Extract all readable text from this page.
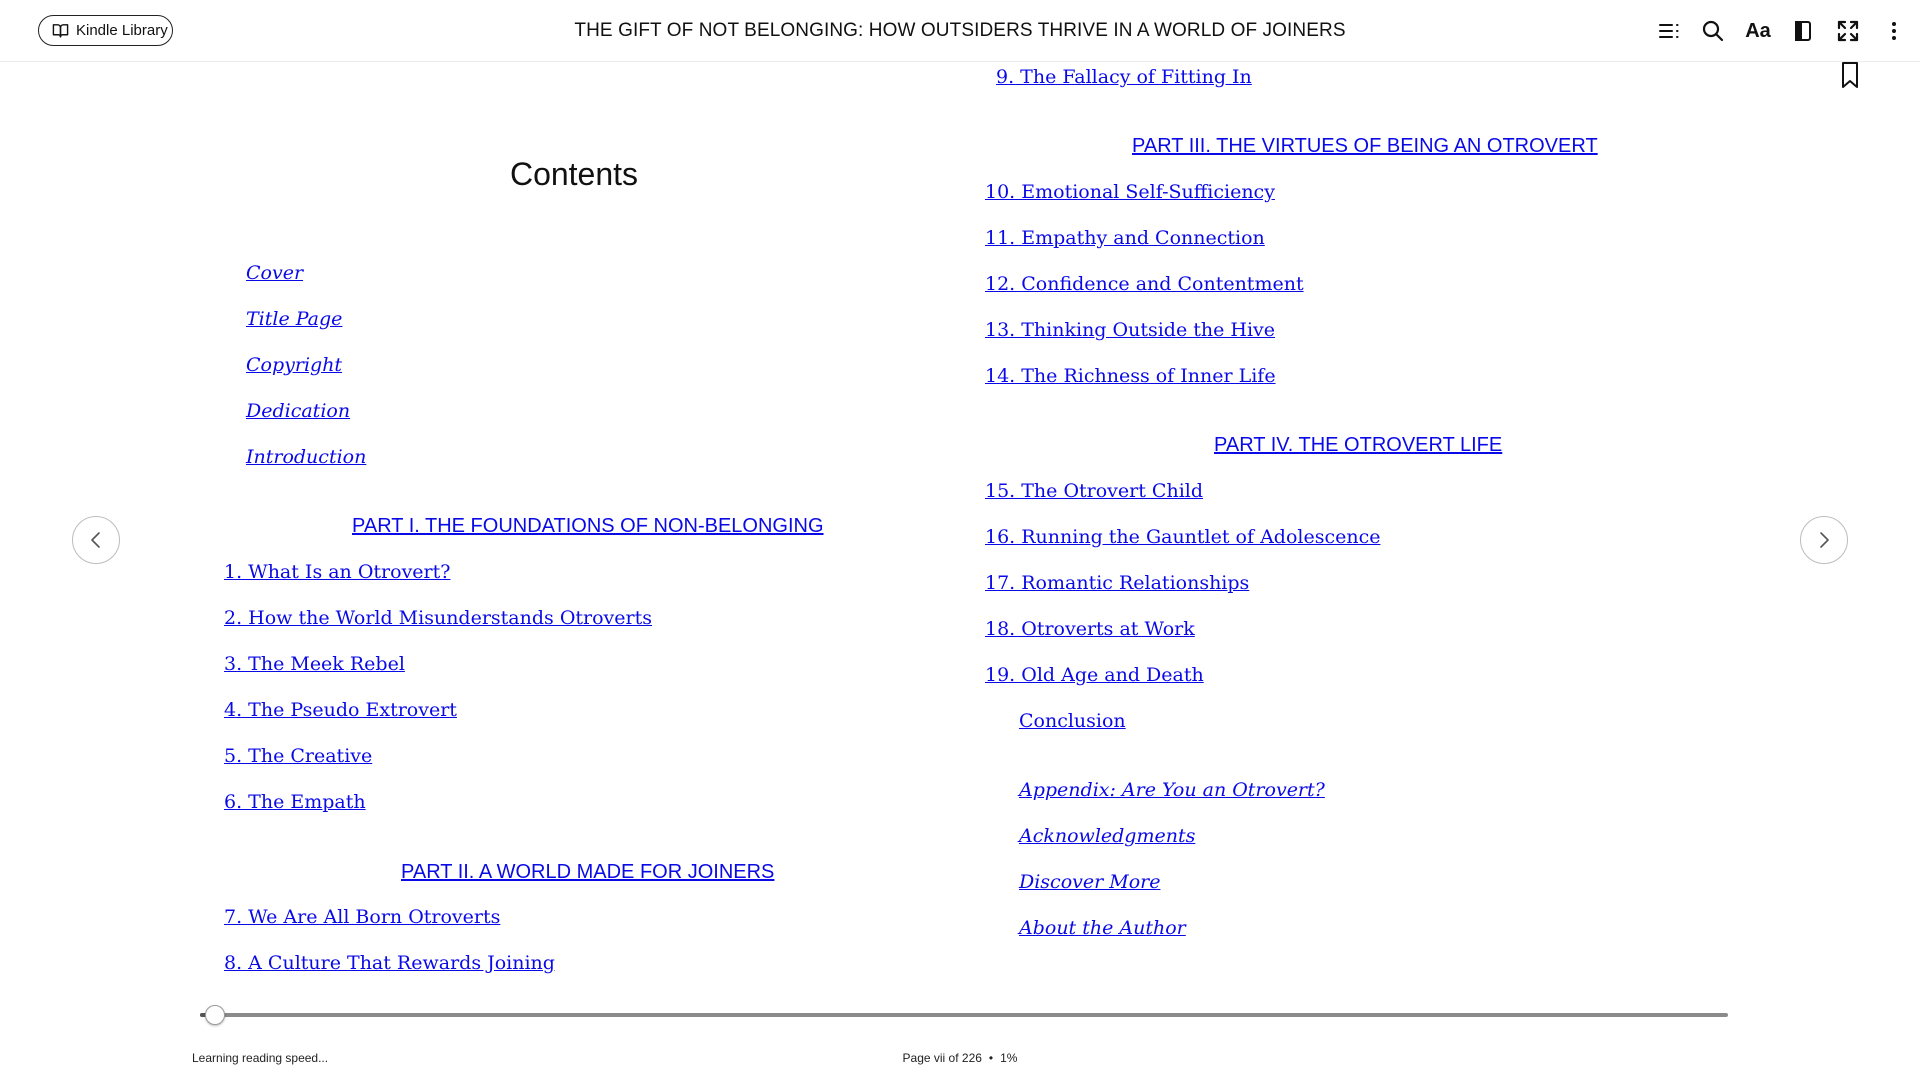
Kindle Library	THE GIFT OF NOT BELONGING: HOW OUTSIDERS THRIVE IN A WORLD OF JOINERS	Aa
Contents
Cover
Title Page
Copyright
Dedication
Introduction
PART I. THE FOUNDATIONS OF NON-BELONGING
1. What Is an Otrovert?
2. How the World Misunderstands Otroverts
3. The Meek Rebel
4. The Pseudo Extrovert
5. The Creative
6. The Empath
PART II. A WORLD MADE FOR JOINERS
7. We Are All Born Otroverts
8. A Culture That Rewards Joining
9. The Fallacy of Fitting In
PART III. THE VIRTUES OF BEING AN OTROVERT
10. Emotional Self-Sufficiency
11. Empathy and Connection
12. Confidence and Contentment
13. Thinking Outside the Hive
14. The Richness of Inner Life
PART IV. THE OTROVERT LIFE
15. The Otrovert Child
16. Running the Gauntlet of Adolescence
17. Romantic Relationships
18. Otroverts at Work
19. Old Age and Death
Conclusion
Appendix: Are You an Otrovert?
Acknowledgments
Discover More
About the Author
Learning reading speed...	Page vii of 226 • 1%
